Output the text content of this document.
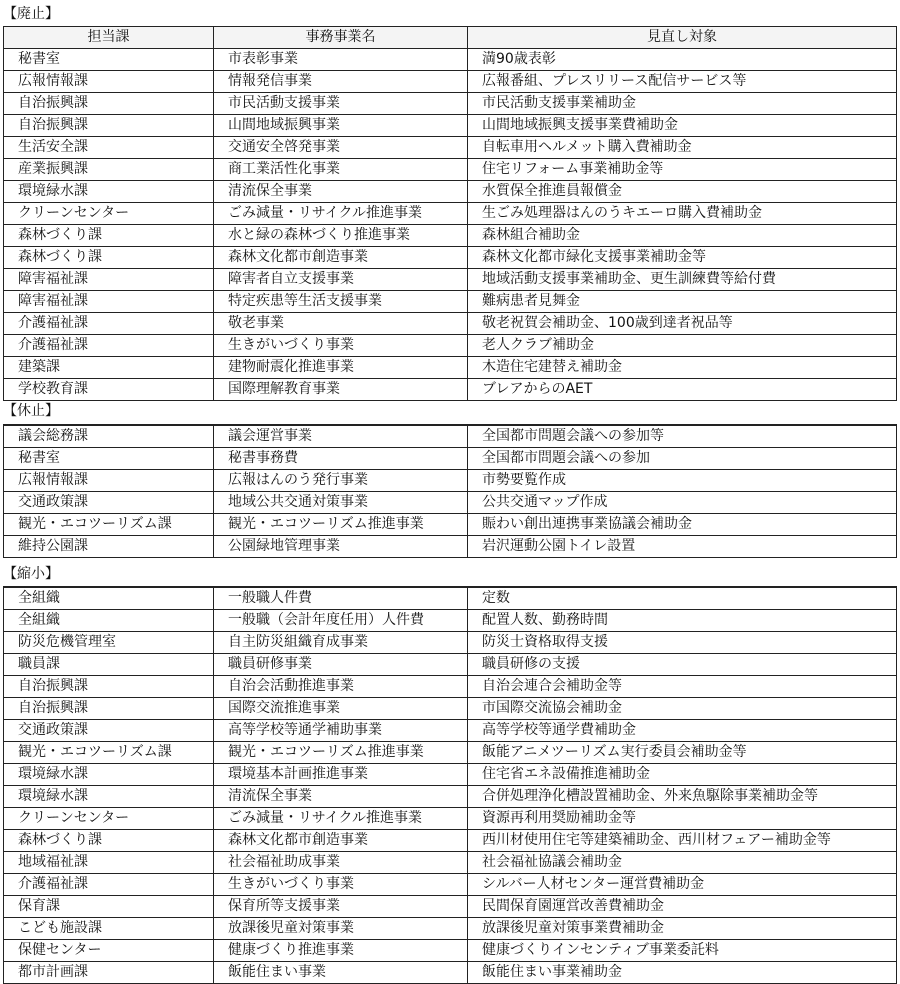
【廃止】
担当課	事務事業名	見直し対象
秘書室	市表彰事業	満90歳表彰
広報情報課	情報発信事業	広報番組、プレスリリース配信サービス等
自治振興課	市民活動支援事業	市民活動支援事業補助金
自治振興課	山間地域振興事業	山間地域振興支援事業費補助金
生活安全課	交通安全啓発事業	自転車用ヘルメット購入費補助金
産業振興課	商工業活性化事業	住宅リフォーム事業補助金等
環境緑水課	清流保全事業	水質保全推進員報償金
クリーンセンター	ごみ減量・リサイクル推進事業	生ごみ処理器はんのうキエーロ購入費補助金
森林づくり課	水と緑の森林づくり推進事業	森林組合補助金
森林づくり課	森林文化都市創造事業	森林文化都市緑化支援事業補助金等
障害福祉課	障害者自立支援事業	地域活動支援事業補助金、更生訓練費等給付費
障害福祉課	特定疾患等生活支援事業	難病患者見舞金
介護福祉課	敬老事業	敬老祝賀会補助金、100歳到達者祝品等
介護福祉課	生きがいづくり事業	老人クラブ補助金
建築課	建物耐震化推進事業	木造住宅建替え補助金
学校教育課	国際理解教育事業	ブレアからのAET
【休止】
議会総務課	議会運営事業	全国都市問題会議への参加等
秘書室	秘書事務費	全国都市問題会議への参加
広報情報課	広報はんのう発行事業	市勢要覧作成
交通政策課	地域公共交通対策事業	公共交通マップ作成
観光・エコツーリズム課	観光・エコツーリズム推進事業	賑わい創出連携事業協議会補助金
維持公園課	公園緑地管理事業	岩沢運動公園トイレ設置
【縮小】
全組織	一般職人件費	定数
全組織	一般職（会計年度任用）人件費	配置人数、勤務時間
防災危機管理室	自主防災組織育成事業	防災士資格取得支援
職員課	職員研修事業	職員研修の支援
自治振興課	自治会活動推進事業	自治会連合会補助金等
自治振興課	国際交流推進事業	市国際交流協会補助金
交通政策課	高等学校等通学補助事業	高等学校等通学費補助金
観光・エコツーリズム課	観光・エコツーリズム推進事業	飯能アニメツーリズム実行委員会補助金等
環境緑水課	環境基本計画推進事業	住宅省エネ設備推進補助金
環境緑水課	清流保全事業	合併処理浄化槽設置補助金、外来魚駆除事業補助金等
クリーンセンター	ごみ減量・リサイクル推進事業	資源再利用奨励補助金等
森林づくり課	森林文化都市創造事業	西川材使用住宅等建築補助金、西川材フェアー補助金等
地域福祉課	社会福祉助成事業	社会福祉協議会補助金
介護福祉課	生きがいづくり事業	シルバー人材センター運営費補助金
保育課	保育所等支援事業	民間保育園運営改善費補助金
こども施設課	放課後児童対策事業	放課後児童対策事業費補助金
保健センター	健康づくり推進事業	健康づくりインセンティブ事業委託料
都市計画課	飯能住まい事業	飯能住まい事業補助金
